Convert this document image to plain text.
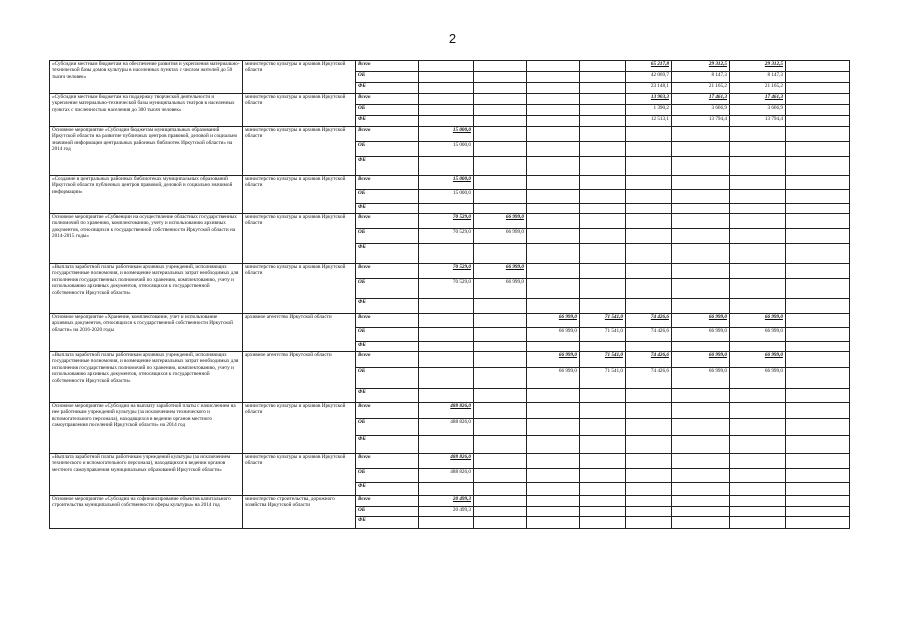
2
«Субсидии местным бюджетам на обеспечение развития и укрепления материально-технической базы домов культуры в населенных пунктах с числом жителей до 50 тысяч человек»	министерство культуры и архивов Иркутской области	Всего					65 217,8	29 312,5	29 312,5		
		ОБ					42 069,7	8 147,3	8 147,3		
		ФБ					23 148,1	21 165,2	21 165,2		
«Субсидии местным бюджетам на поддержку творческой деятельности и укрепление материально-технической базы муниципальных театров в населенных пунктах с численностью населения до 300 тысяч человек»	министерство культуры и архивов Иркутской области	Всего					13 903,3	17 461,3	17 461,3		
		ОБ					1 390,2	3 666,9	3 666,9		
		ФБ					12 513,1	13 794,4	13 794,4		
Основное мероприятие «Субсидии бюджетам муниципальных образований Иркутской области на развитие публичных центров правовой, деловой и социально значимой информации центральных районных библиотек Иркутской области» на 2014 год	министерство культуры и архивов Иркутской области	Всего	15 000,0								
		ОБ	15 000,0								
		ФБ									
«Создание в центральных районных библиотеках муниципальных образований Иркутской области публичных центров правовой, деловой и социально значимой информации»	министерство культуры и архивов Иркутской области	Всего	15 000,0								
		ОБ	15 000,0								
		ФБ									
Основное мероприятие «Субвенции на осуществление областных государственных полномочий по хранению, комплектованию, учету и использованию архивных документов, относящихся к государственной собственности Иркутской области на 2014-2015 годы»	министерство культуры и архивов Иркутской области	Всего	70 529,0	66 999,0							
		ОБ	70 529,0	66 999,0							
		ФБ									
«Выплата заработной платы работникам архивных учреждений, исполняющих государственные полномочия, и возмещение материальных затрат необходимых для исполнения государственных полномочий по хранению, комплектованию, учету и использованию архивных документов, относящихся к государственной собственности Иркутской области»	министерство культуры и архивов Иркутской области	Всего	70 529,0	66 999,0							
		ОБ	70 529,0	66 999,0							
		ФБ									
Основное мероприятие «Хранение, комплектование, учет и использование архивных документов, относящихся к государственной собственности Иркутской области» на 2016-2020 годы	архивное агентство Иркутской области	Всего			66 999,0	71 541,0	74 426,6	66 999,0	66 999,0		
		ОБ			66 999,0	71 541,0	74 426,6	66 999,0	66 999,0		
		ФБ									
«Выплата заработной платы работникам архивных учреждений, исполняющих государственные полномочия, и возмещение материальных затрат необходимых для исполнения государственных полномочий по хранению, комплектованию, учету и использованию архивных документов, относящихся к государственной собственности Иркутской области»	архивное агентство Иркутской области	Всего			66 999,0	71 541,0	74 426,6	66 999,0	66 999,0		
		ОБ			66 999,0	71 541,0	74 426,6	66 999,0	66 999,0		
		ФБ									
Основное мероприятие «Субсидии на выплату заработной платы с начислением на нее работникам учреждений культуры (за исключением технического и вспомогательного персонала), находящихся в ведении органов местного самоуправления поселений Иркутской области» на 2014 год	министерство культуры и архивов Иркутской области	Всего	488 826,0								
		ОБ	488 826,0								
		ФБ									
«Выплата заработной платы работникам учреждений культуры (за исключением технического и вспомогательного персонала), находящихся в ведении органов местного самоуправления муниципальных образований Иркутской области»	министерство культуры и архивов Иркутской области	Всего	488 826,0								
		ОБ	488 826,0								
		ФБ									
Основное мероприятие «Субсидии на софинансирование объектов капитального строительства муниципальной собственности сферы культуры» на 2014 год	министерство строительства, дорожного хозяйства Иркутской области	Всего	20 499,3								
		ОБ	20 499,3								
		ФБ									
